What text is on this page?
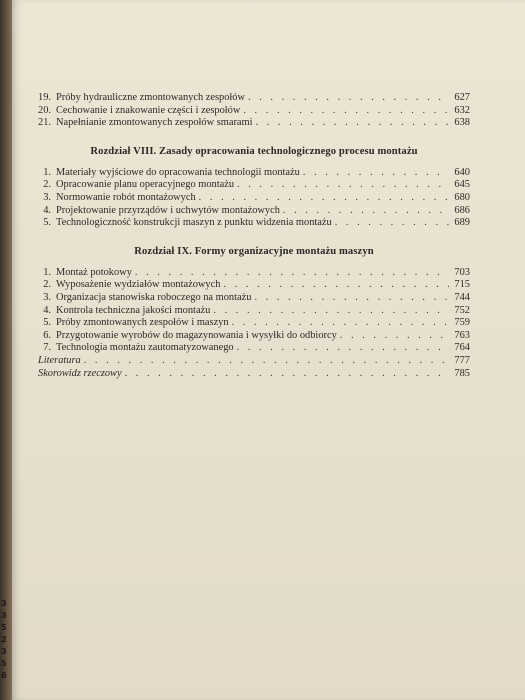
3
3
5
2
3
5
6
19. Próby hydrauliczne zmontowanych zespołów . . .	627
20. Cechowanie i znakowanie części i zespołów . . .	632
21. Napełnianie zmontowanych zespołów smarami . . .	638
Rozdział VIII. Zasady opracowania technologicznego procesu montażu
1. Materiały wyjściowe do opracowania technologii montażu . . .	640
2. Opracowanie planu operacyjnego montażu . . .	645
3. Normowanie robót montażowych . . .	680
4. Projektowanie przyrządów i uchwytów montażowych . . .	686
5. Technologiczność konstrukcji maszyn z punktu widzenia montażu . . .	689
Rozdział IX. Formy organizacyjne montażu maszyn
1. Montaż potokowy . . .	703
2. Wyposażenie wydziałów montażowych . . .	715
3. Organizacja stanowiska roboczego na montażu . . .	744
4. Kontrola techniczna jakości montażu . . .	752
5. Próby zmontowanych zespołów i maszyn . . .	759
6. Przygotowanie wyrobów do magazynowania i wysyłki do odbiorcy . . .	763
7. Technologia montażu zautomatyzowanego . . .	764
Literatura . . .	777
Skorowidz rzeczowy . . .	785
